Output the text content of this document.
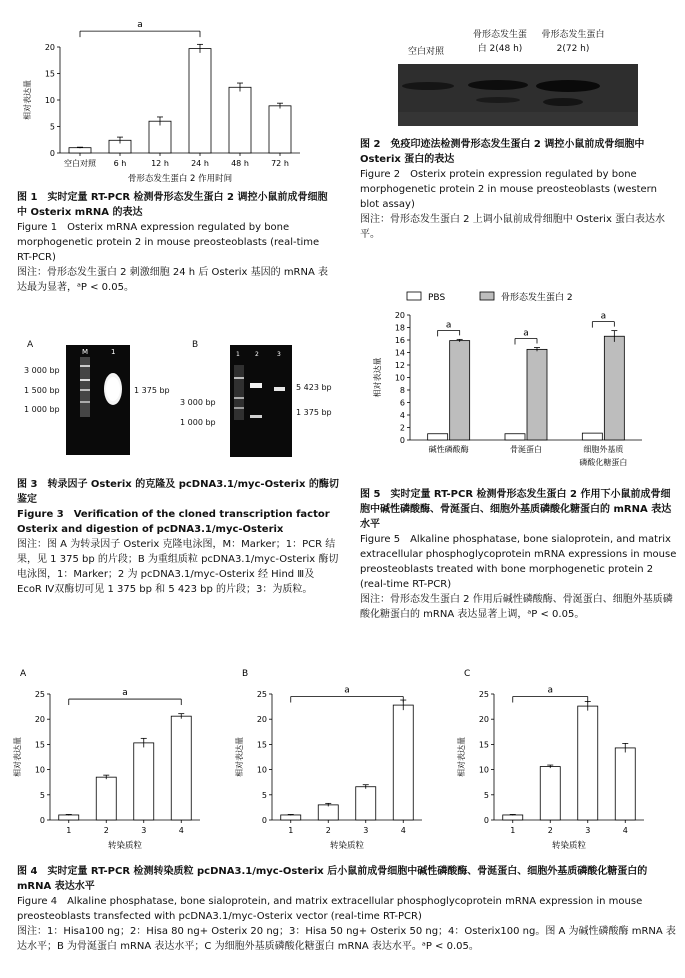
0
5
10
15
20
空白对照 6 h	12 h	24 h	48 h	72 h
a
相对表达量
骨形态发生蛋白 2 作用时间
图 1　实时定量 RT-PCR 检测骨形态发生蛋白 2 调控小鼠前成骨细胞中 Osterix mRNA 的表达
Figure 1　Osterix mRNA expression regulated by bone morphogenetic protein 2 in mouse preosteoblasts (real-time RT-PCR)
图注：骨形态发生蛋白 2 刺激细胞 24 h 后 Osterix 基因的 mRNA 表达最为显著，ᵃP < 0.05。
空白对照
骨形态发生蛋白 2(48 h)
骨形态发生蛋白 2(72 h)
图 2　免疫印迹法检测骨形态发生蛋白 2 调控小鼠前成骨细胞中 Osterix 蛋白的表达
Figure 2　Osterix protein expression regulated by bone morphogenetic protein 2 in mouse preosteoblasts (western blot assay)
图注：骨形态发生蛋白 2 上调小鼠前成骨细胞中 Osterix 蛋白表达水平。
A	B
M	1
3 000 bp
1 500 bp
1 000 bp
1 375 bp
1	2	3
3 000 bp
1 000 bp
5 423 bp
1 375 bp
图 3　转录因子 Osterix 的克隆及 pcDNA3.1/myc-Osterix 的酶切鉴定
Figure 3　Verification of the cloned transcription factor Osterix and digestion of pcDNA3.1/myc-Osterix
图注：图 A 为转录因子 Osterix 克隆电泳图，M：Marker；1：PCR 结果，见 1 375 bp 的片段；B 为重组质粒 pcDNA3.1/myc-Osterix 酶切电泳图，1：Marker；2 为 pcDNA3.1/myc-Osterix 经 Hind Ⅲ及 EcoR Ⅳ双酶切可见 1 375 bp 和 5 423 bp 的片段；3：为质粒。
PBS	骨形态发生蛋白 2
0
2
4
6
8
10
12
14
16
18
20
相对表达量
a
碱性磷酸酶
a
骨涎蛋白
a
细胞外基质
磷酸化糖蛋白
图 5　实时定量 RT-PCR 检测骨形态发生蛋白 2 作用下小鼠前成骨细胞中碱性磷酸酶、骨涎蛋白、细胞外基质磷酸化糖蛋白的 mRNA 表达水平
Figure 5　Alkaline phosphatase, bone sialoprotein, and matrix extracellular phosphoglycoprotein mRNA expressions in mouse preosteoblasts treated with bone morphogenetic protein 2 (real-time RT-PCR)
图注：骨形态发生蛋白 2 作用后碱性磷酸酶、骨涎蛋白、细胞外基质磷酸化糖蛋白的 mRNA 表达显著上调，ᵃP < 0.05。
A
0
5
10
15
20
25
1	2	3	4
a
相对表达量
转染质粒
B
0
5
10
15
20
25
1	2	3	4
a
相对表达量
转染质粒
C
0
5
10
15
20
25
1	2	3	4
a
相对表达量
转染质粒
图 4　实时定量 RT-PCR 检测转染质粒 pcDNA3.1/myc-Osterix 后小鼠前成骨细胞中碱性磷酸酶、骨涎蛋白、细胞外基质磷酸化糖蛋白的 mRNA 表达水平
Figure 4　Alkaline phosphatase, bone sialoprotein, and matrix extracellular phosphoglycoprotein mRNA expression in mouse preosteoblasts transfected with pcDNA3.1/myc-Osterix vector (real-time RT-PCR)
图注：1：Hisa100 ng；2：Hisa 80 ng+ Osterix 20 ng；3：Hisa 50 ng+ Osterix 50 ng；4：Osterix100 ng。图 A 为碱性磷酸酶 mRNA 表达水平；B 为骨涎蛋白 mRNA 表达水平；C 为细胞外基质磷酸化糖蛋白 mRNA 表达水平。ᵃP < 0.05。
